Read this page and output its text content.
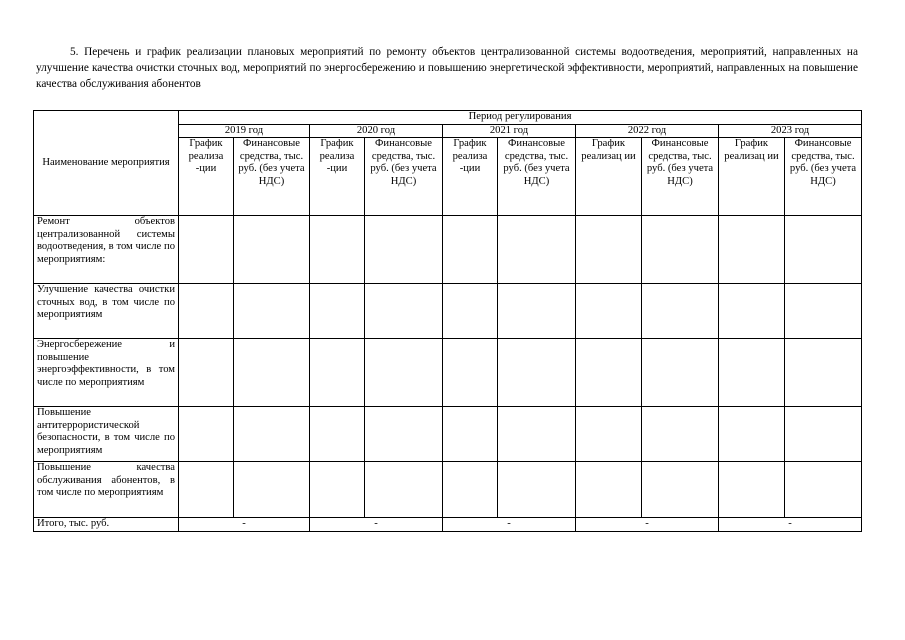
5. Перечень и график реализации плановых мероприятий по ремонту объектов централизованной системы водоотведения, мероприятий, направленных на улучшение качества очистки сточных вод, мероприятий по энергосбережению и повышению энергетической эффективности, мероприятий, направленных на повышение качества обслуживания абонентов
Наименование мероприятия	Период регулирования									
	2019 год		2020 год		2021 год		2022 год		2023 год	
	График реализа -ции	Финансовые средства, тыс. руб. (без учета НДС)	График реализа -ции	Финансовые средства, тыс. руб. (без учета НДС)	График реализа -ции	Финансовые средства, тыс. руб. (без учета НДС)	График реализац ии	Финансовые средства, тыс. руб. (без учета НДС)	График реализац ии	Финансовые средства, тыс. руб. (без учета НДС)
Ремонт объектов централизованной системы водоотведения, в том числе по мероприятиям:										
Улучшение качества очистки сточных вод, в том числе по мероприятиям										
Энергосбережение и повышение энергоэффективности, в том числе по мероприятиям										
Повышение антитеррористической безопасности, в том числе по мероприятиям										
Повышение качества обслуживания абонентов, в том числе по мероприятиям										
Итого, тыс. руб.	-		-		-		-		-	
